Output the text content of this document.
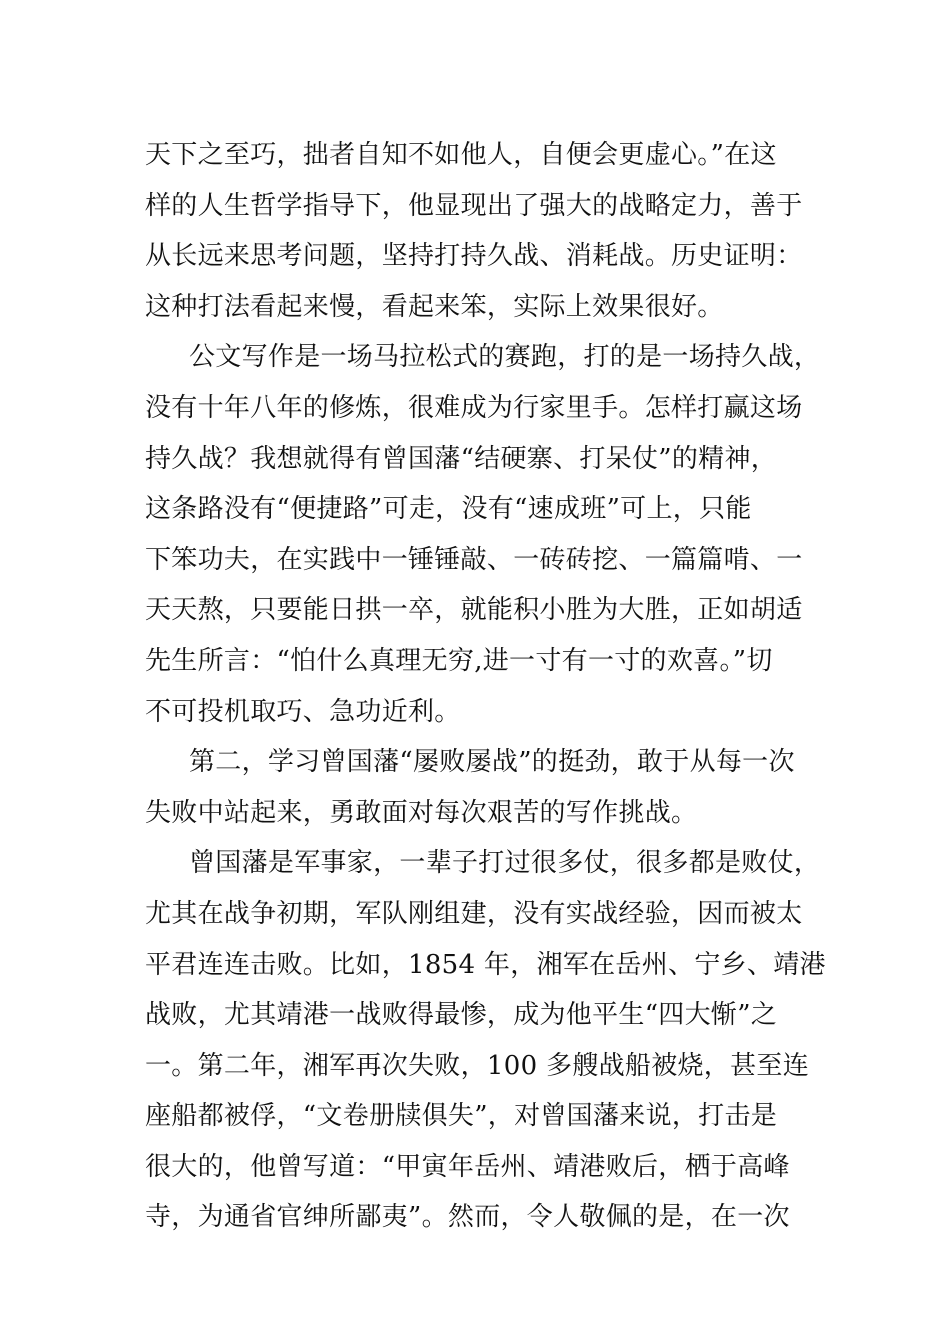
天下之至巧，拙者自知不如他人，自便会更虚心。”在这
样的人生哲学指导下，他显现出了强大的战略定力，善于
从长远来思考问题，坚持打持久战、消耗战。历史证明：
这种打法看起来慢，看起来笨，实际上效果很好。
公文写作是一场马拉松式的赛跑，打的是一场持久战，
没有十年八年的修炼，很难成为行家里手。怎样打赢这场
持久战？我想就得有曾国藩“结硬寨、打呆仗”的精神，
这条路没有“便捷路”可走，没有“速成班”可上，只能
下笨功夫，在实践中一锤锤敲、一砖砖挖、一篇篇啃、一
天天熬，只要能日拱一卒，就能积小胜为大胜，正如胡适
先生所言：“怕什么真理无穷,进一寸有一寸的欢喜。”切
不可投机取巧、急功近利。
第二，学习曾国藩“屡败屡战”的挺劲，敢于从每一次
失败中站起来，勇敢面对每次艰苦的写作挑战。
曾国藩是军事家，一辈子打过很多仗，很多都是败仗，
尤其在战争初期，军队刚组建，没有实战经验，因而被太
平君连连击败。比如，1854 年，湘军在岳州、宁乡、靖港
战败，尤其靖港一战败得最惨，成为他平生“四大惭”之
一。第二年，湘军再次失败，100 多艘战船被烧，甚至连
座船都被俘，“文卷册牍俱失”，对曾国藩来说，打击是
很大的，他曾写道：“甲寅年岳州、靖港败后，栖于高峰
寺，为通省官绅所鄙夷”。然而，令人敬佩的是，在一次
